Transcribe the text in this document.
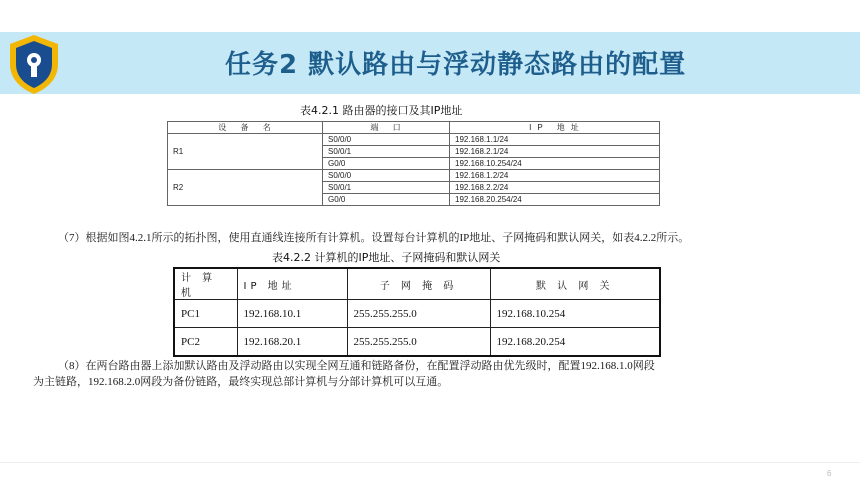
任务2 默认路由与浮动静态路由的配置
表4.2.1 路由器的接口及其IP地址
设 备 名	端 口	IP 地址
R1	S0/0/0	192.168.1.1/24
	S0/0/1	192.168.2.1/24
	G0/0	192.168.10.254/24
R2	S0/0/0	192.168.1.2/24
	S0/0/1	192.168.2.2/24
	G0/0	192.168.20.254/24
（7）根据如图4.2.1所示的拓扑图，使用直通线连接所有计算机。设置每台计算机的IP地址、子网掩码和默认网关，如表4.2.2所示。
表4.2.2 计算机的IP地址、子网掩码和默认网关
计 算 机	IP 地址	子 网 掩 码	默 认 网 关
PC1	192.168.10.1	255.255.255.0	192.168.10.254
PC2	192.168.20.1	255.255.255.0	192.168.20.254
（8）在两台路由器上添加默认路由及浮动路由以实现全网互通和链路备份，在配置浮动路由优先级时，配置192.168.1.0网段
为主链路，192.168.2.0网段为备份链路，最终实现总部计算机与分部计算机可以互通。
6
